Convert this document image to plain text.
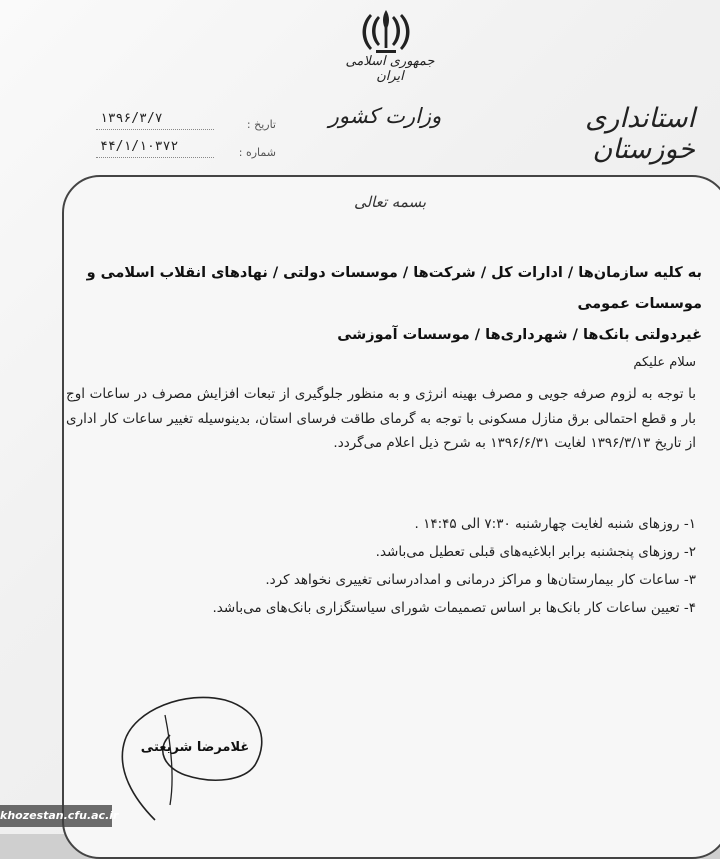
جمهوری اسلامی ایران
وزارت کشور	استانداری خوزستان
تاریخ :
۱۳۹۶/۳/۷
شماره :
۴۴/۱/۱۰۳۷۲
بسمه تعالی
به کلیه سازمان‌ها / ادارات کل / شرکت‌ها / موسسات دولتی / نهادهای انقلاب اسلامی و موسسات عمومی
غیردولتی بانک‌ها / شهرداری‌ها / موسسات آموزشی
سلام علیکم
با توجه به لزوم صرفه جویی و مصرف بهینه انرژی و به منظور جلوگیری از تبعات افزایش مصرف در ساعات اوج بار و قطع احتمالی برق منازل مسکونی با توجه به گرمای طاقت فرسای استان، بدینوسیله تغییر ساعات کار اداری از تاریخ ۱۳۹۶/۳/۱۳ لغایت ۱۳۹۶/۶/۳۱ به شرح ذیل اعلام می‌گردد.
۱- روزهای شنبه لغایت چهارشنبه ۷:۳۰ الی ۱۴:۴۵ .
۲- روزهای پنجشنبه برابر ابلاغیه‌های قبلی تعطیل می‌باشد.
۳- ساعات کار بیمارستان‌ها و مراکز درمانی و امدادرسانی تغییری نخواهد کرد.
۴- تعیین ساعات کار بانک‌ها بر اساس تصمیمات شورای سیاستگزاری بانک‌های می‌باشد.
غلامرضا شریعتی
khozestan.cfu.ac.ir
